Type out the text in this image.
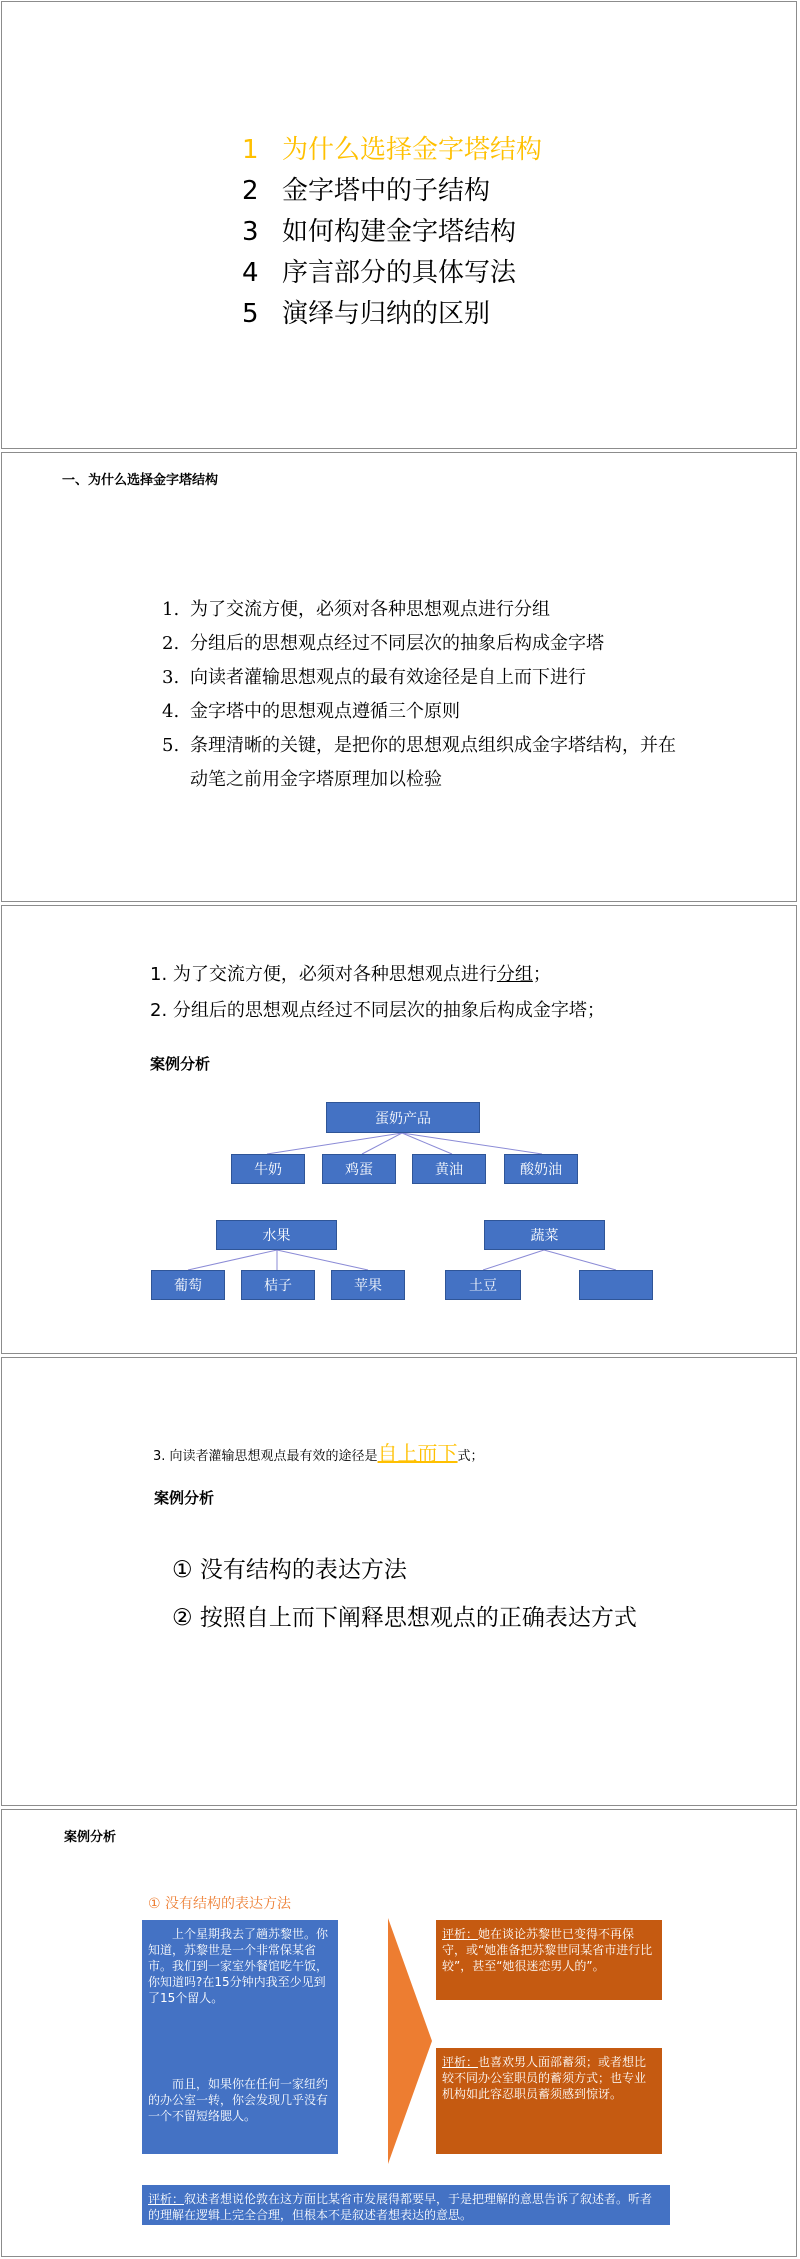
1 为什么选择金字塔结构
2 金字塔中的子结构
3 如何构建金字塔结构
4 序言部分的具体写法
5 演绎与归纳的区别
一、为什么选择金字塔结构
1. 为了交流方便，必须对各种思想观点进行分组
2. 分组后的思想观点经过不同层次的抽象后构成金字塔
3. 向读者灌输思想观点的最有效途径是自上而下进行
4. 金字塔中的思想观点遵循三个原则
5. 条理清晰的关键，是把你的思想观点组织成金字塔结构，并在动笔之前用金字塔原理加以检验
1. 为了交流方便，必须对各种思想观点进行分组；
2. 分组后的思想观点经过不同层次的抽象后构成金字塔；
案例分析
蛋奶产品
牛奶	鸡蛋	黄油	酸奶油
水果
葡萄	桔子	苹果
蔬菜
土豆
3. 向读者灌输思想观点最有效的途径是自上而下式；
案例分析
① 没有结构的表达方法
② 按照自上而下阐释思想观点的正确表达方式
案例分析
① 没有结构的表达方法
上个星期我去了趟苏黎世。你知道，苏黎世是一个非常保某省市。我们到一家室外餐馆吃午饭，你知道吗?在15分钟内我至少见到了15个留人。
而且，如果你在任何一家纽约的办公室一转，你会发现几乎没有一个不留短络腮人。
评析：她在谈论苏黎世已变得不再保守，或“她准备把苏黎世同某省市进行比较”，甚至“她很迷恋男人的”。
评析：也喜欢男人面部蓄须；或者想比较不同办公室职员的蓄须方式；也专业机构如此容忍职员蓄须感到惊讶。
评析：叙述者想说伦敦在这方面比某省市发展得都要早，于是把理解的意思告诉了叙述者。听者的理解在逻辑上完全合理，但根本不是叙述者想表达的意思。
